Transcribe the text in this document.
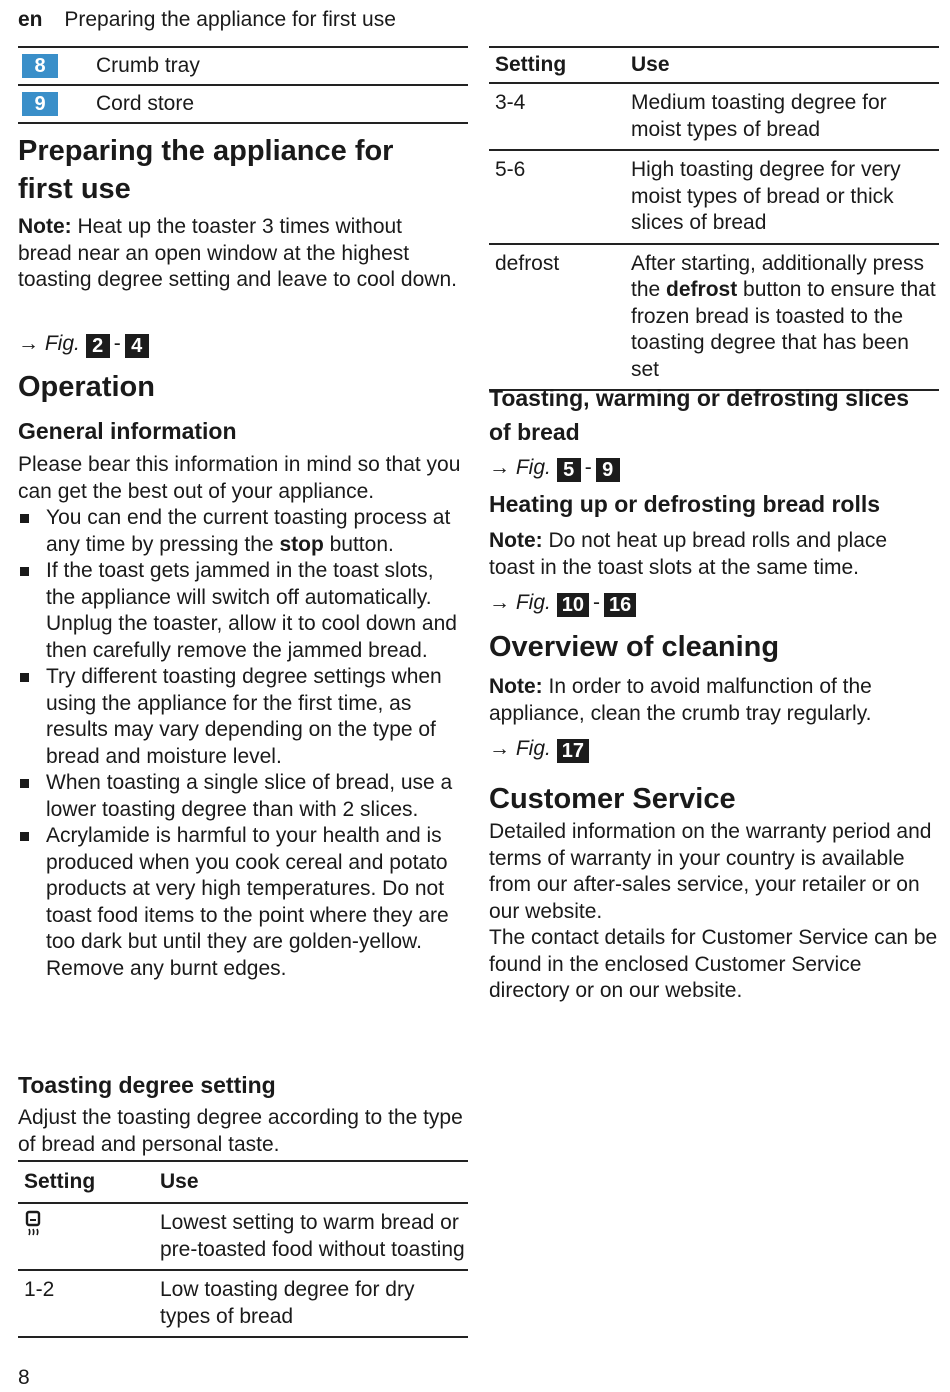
en Preparing the appliance for first use
8	Crumb tray
9	Cord store
Preparing the appliance for first use

Note: Heat up the toaster 3 times without bread near an open window at the highest toasting degree setting and leave to cool down.

→ Fig. 2 - 4
Operation
General information

Please bear this information in mind so that you can get the best out of your appliance.

You can end the current toasting process at any time by pressing the stop button.
If the toast gets jammed in the toast slots, the appliance will switch off automatically. Unplug the toaster, allow it to cool down and then carefully remove the jammed bread.
Try different toasting degree settings when using the appliance for the first time, as results may vary depending on the type of bread and moisture level.
When toasting a single slice of bread, use a lower toasting degree than with 2 slices.
Acrylamide is harmful to your health and is produced when you cook cereal and potato products at very high temperatures. Do not toast food items to the point where they are too dark but until they are golden-yellow. Remove any burnt edges.
Toasting degree setting

Adjust the toasting degree according to the type of bread and personal taste.

Setting	Use
	Lowest setting to warm bread or pre-toasted food without toasting
1-2	Low toasting degree for dry types of bread
8
Setting	Use
3-4	Medium toasting degree for moist types of bread
5-6	High toasting degree for very moist types of bread or thick slices of bread
defrost	After starting, additionally press the defrost button to ensure that frozen bread is toasted to the toasting degree that has been set
Toasting, warming or defrosting slices of bread
→ Fig. 5 - 9
Heating up or defrosting bread rolls

Note: Do not heat up bread rolls and place toast in the toast slots at the same time.

→ Fig. 10 - 16
Overview of cleaning

Note: In order to avoid malfunction of the appliance, clean the crumb tray regularly.

→ Fig. 17
Customer Service

Detailed information on the warranty period and terms of warranty in your country is available from our after-sales service, your retailer or on our website.

The contact details for Customer Service can be found in the enclosed Customer Service directory or on our website.
